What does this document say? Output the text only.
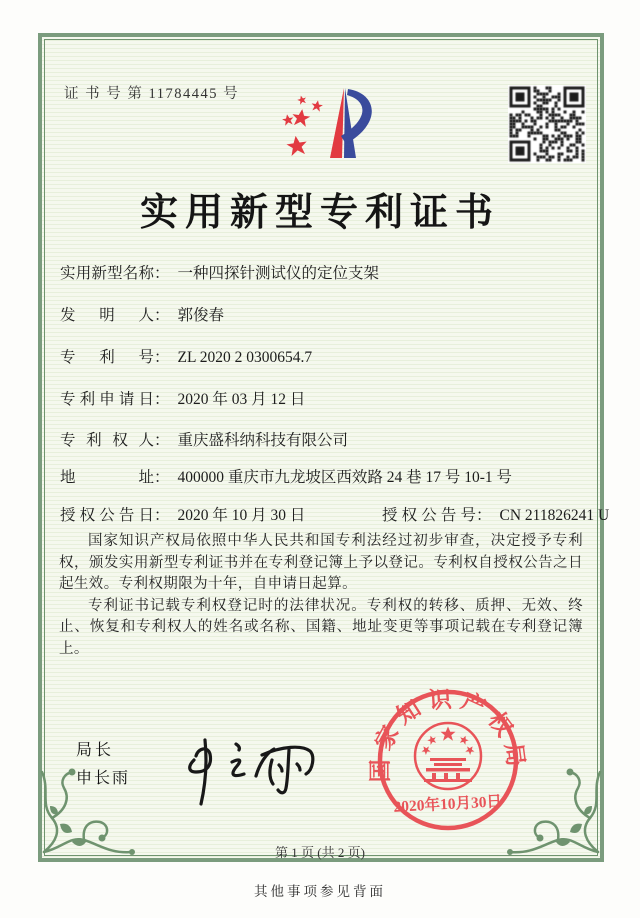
证 书 号 第 11784445 号
实用新型专利证书
实 用 新 型 名 称 ： 一种四探针测试仪的定位支架
发 明 人 ： 郭俊春
专 利 号 ： ZL 2020 2 0300654.7
专 利 申 请 日 ： 2020 年 03 月 12 日
专 利 权 人 ： 重庆盛科纳科技有限公司
地	址 ： 400000 重庆市九龙坡区西效路 24 巷 17 号 10-1 号
授 权 公 告 日 ： 2020 年 10 月 30 日	授 权 公 告 号 ： CN 211826241 U

国家知识产权局依照中华人民共和国专利法经过初步审查，决定授予专利权，颁发实用新型专利证书并在专利登记簿上予以登记。专利权自授权公告之日起生效。专利权期限为十年，自申请日起算。

专利证书记载专利权登记时的法律状况。专利权的转移、质押、无效、终止、恢复和专利权人的姓名或名称、国籍、地址变更等事项记载在专利登记簿上。

局长
申长雨	国家知识产权局
2020年10月30日
第 1 页 (共 2 页)
其他事项参见背面
